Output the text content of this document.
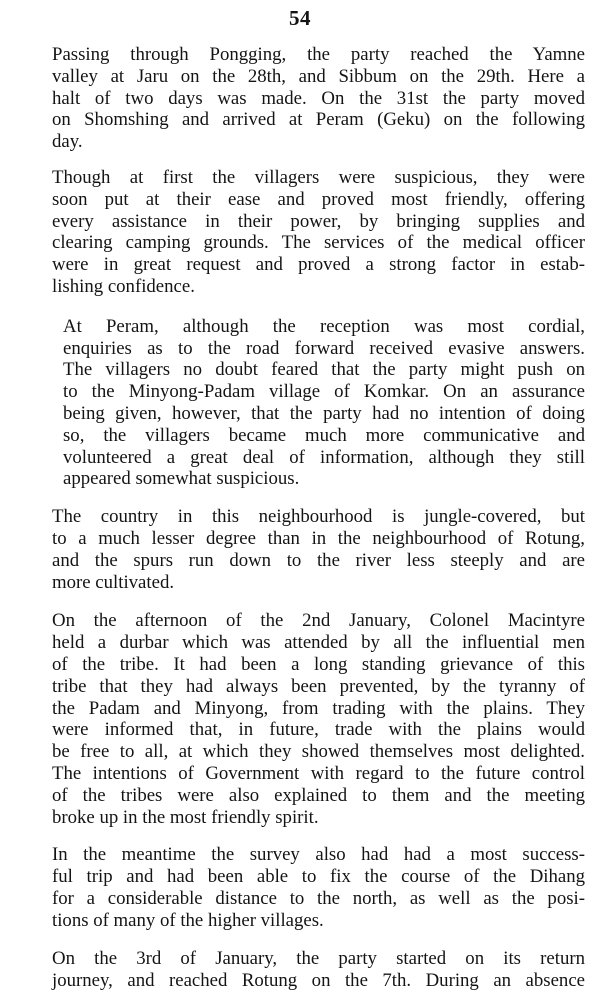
54

Passing through Pongging, the party reached the Yamne
valley at Jaru on the 28th, and Sibbum on the 29th. Here a
halt of two days was made. On the 31st the party moved
on Shomshing and arrived at Peram (Geku) on the following
day.

Though at first the villagers were suspicious, they were
soon put at their ease and proved most friendly, offering
every assistance in their power, by bringing supplies and
clearing camping grounds. The services of the medical officer
were in great request and proved a strong factor in estab-
lishing confidence.

At Peram, although the reception was most cordial,
enquiries as to the road forward received evasive answers.
The villagers no doubt feared that the party might push on
to the Minyong-Padam village of Komkar. On an assurance
being given, however, that the party had no intention of doing
so, the villagers became much more communicative and
volunteered a great deal of information, although they still
appeared somewhat suspicious.

The country in this neighbourhood is jungle-covered, but
to a much lesser degree than in the neighbourhood of Rotung,
and the spurs run down to the river less steeply and are
more cultivated.

On the afternoon of the 2nd January, Colonel Macintyre
held a durbar which was attended by all the influential men
of the tribe. It had been a long standing grievance of this
tribe that they had always been prevented, by the tyranny of
the Padam and Minyong, from trading with the plains. They
were informed that, in future, trade with the plains would
be free to all, at which they showed themselves most delighted.
The intentions of Government with regard to the future control
of the tribes were also explained to them and the meeting
broke up in the most friendly spirit.

In the meantime the survey also had had a most success-
ful trip and had been able to fix the course of the Dihang
for a considerable distance to the north, as well as the posi-
tions of many of the higher villages.

On the 3rd of January, the party started on its return
journey, and reached Rotung on the 7th. During an absence
